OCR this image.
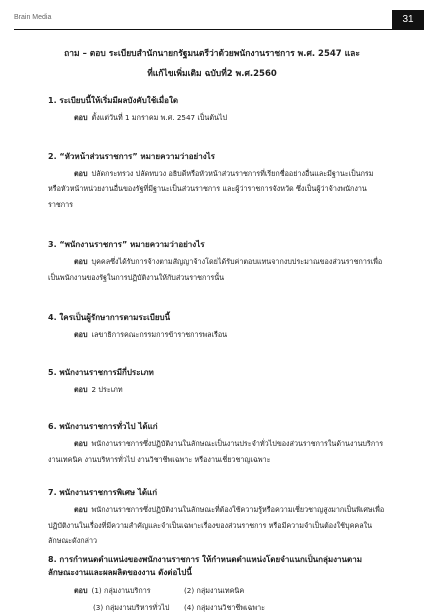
Brain Media	31
ถาม – ตอบ ระเบียบสำนักนายกรัฐมนตรีว่าด้วยพนักงานราชการ พ.ศ. 2547 และ
ที่แก้ไขเพิ่มเติม ฉบับที่2 พ.ศ.2560
1. ระเบียบนี้ให้เริ่มมีผลบังคับใช้เมื่อใด

ตอบ ตั้งแต่วันที่ 1 มกราคม พ.ศ. 2547 เป็นต้นไป

2. “หัวหน้าส่วนราชการ” หมายความว่าอย่างไร

ตอบ ปลัดกระทรวง ปลัดทบวง อธิบดีหรือหัวหน้าส่วนราชการที่เรียกชื่ออย่างอื่นและมีฐานะเป็นกรม หรือหัวหน้าหน่วยงานอื่นของรัฐที่มีฐานะเป็นส่วนราชการ และผู้ว่าราชการจังหวัด ซึ่งเป็นผู้ว่าจ้างพนักงานราชการ

3. “พนักงานราชการ” หมายความว่าอย่างไร

ตอบ บุคคลซึ่งได้รับการจ้างตามสัญญาจ้างโดยได้รับค่าตอบแทนจากงบประมาณของส่วนราชการเพื่อเป็นพนักงานของรัฐในการปฏิบัติงานให้กับส่วนราชการนั้น

4. ใครเป็นผู้รักษาการตามระเบียบนี้

ตอบ เลขาธิการคณะกรรมการข้าราชการพลเรือน

5. พนักงานราชการมีกี่ประเภท

ตอบ 2 ประเภท

6. พนักงานราชการทั่วไป ได้แก่

ตอบ พนักงานราชการซึ่งปฏิบัติงานในลักษณะเป็นงานประจำทั่วไปของส่วนราชการในด้านงานบริการ งานเทคนิค งานบริหารทั่วไป งานวิชาชีพเฉพาะ หรืองานเชี่ยวชาญเฉพาะ

7. พนักงานราชการพิเศษ ได้แก่

ตอบ พนักงานราชการซึ่งปฏิบัติงานในลักษณะที่ต้องใช้ความรู้หรือความเชี่ยวชาญสูงมากเป็นพิเศษเพื่อปฏิบัติงานในเรื่องที่มีความสำคัญและจำเป็นเฉพาะเรื่องของส่วนราชการ หรือมีความจำเป็นต้องใช้บุคคลในลักษณะดังกล่าว

8. การกำหนดตำแหน่งของพนักงานราชการ ให้กำหนดตำแหน่งโดยจำแนกเป็นกลุ่มงานตามลักษณะงานและผลผลิตของงาน ดังต่อไปนี้
ตอบ (1) กลุ่มงานบริการ	(2) กลุ่มงานเทคนิค
(3) กลุ่มงานบริหารทั่วไป	(4) กลุ่มงานวิชาชีพเฉพาะ
